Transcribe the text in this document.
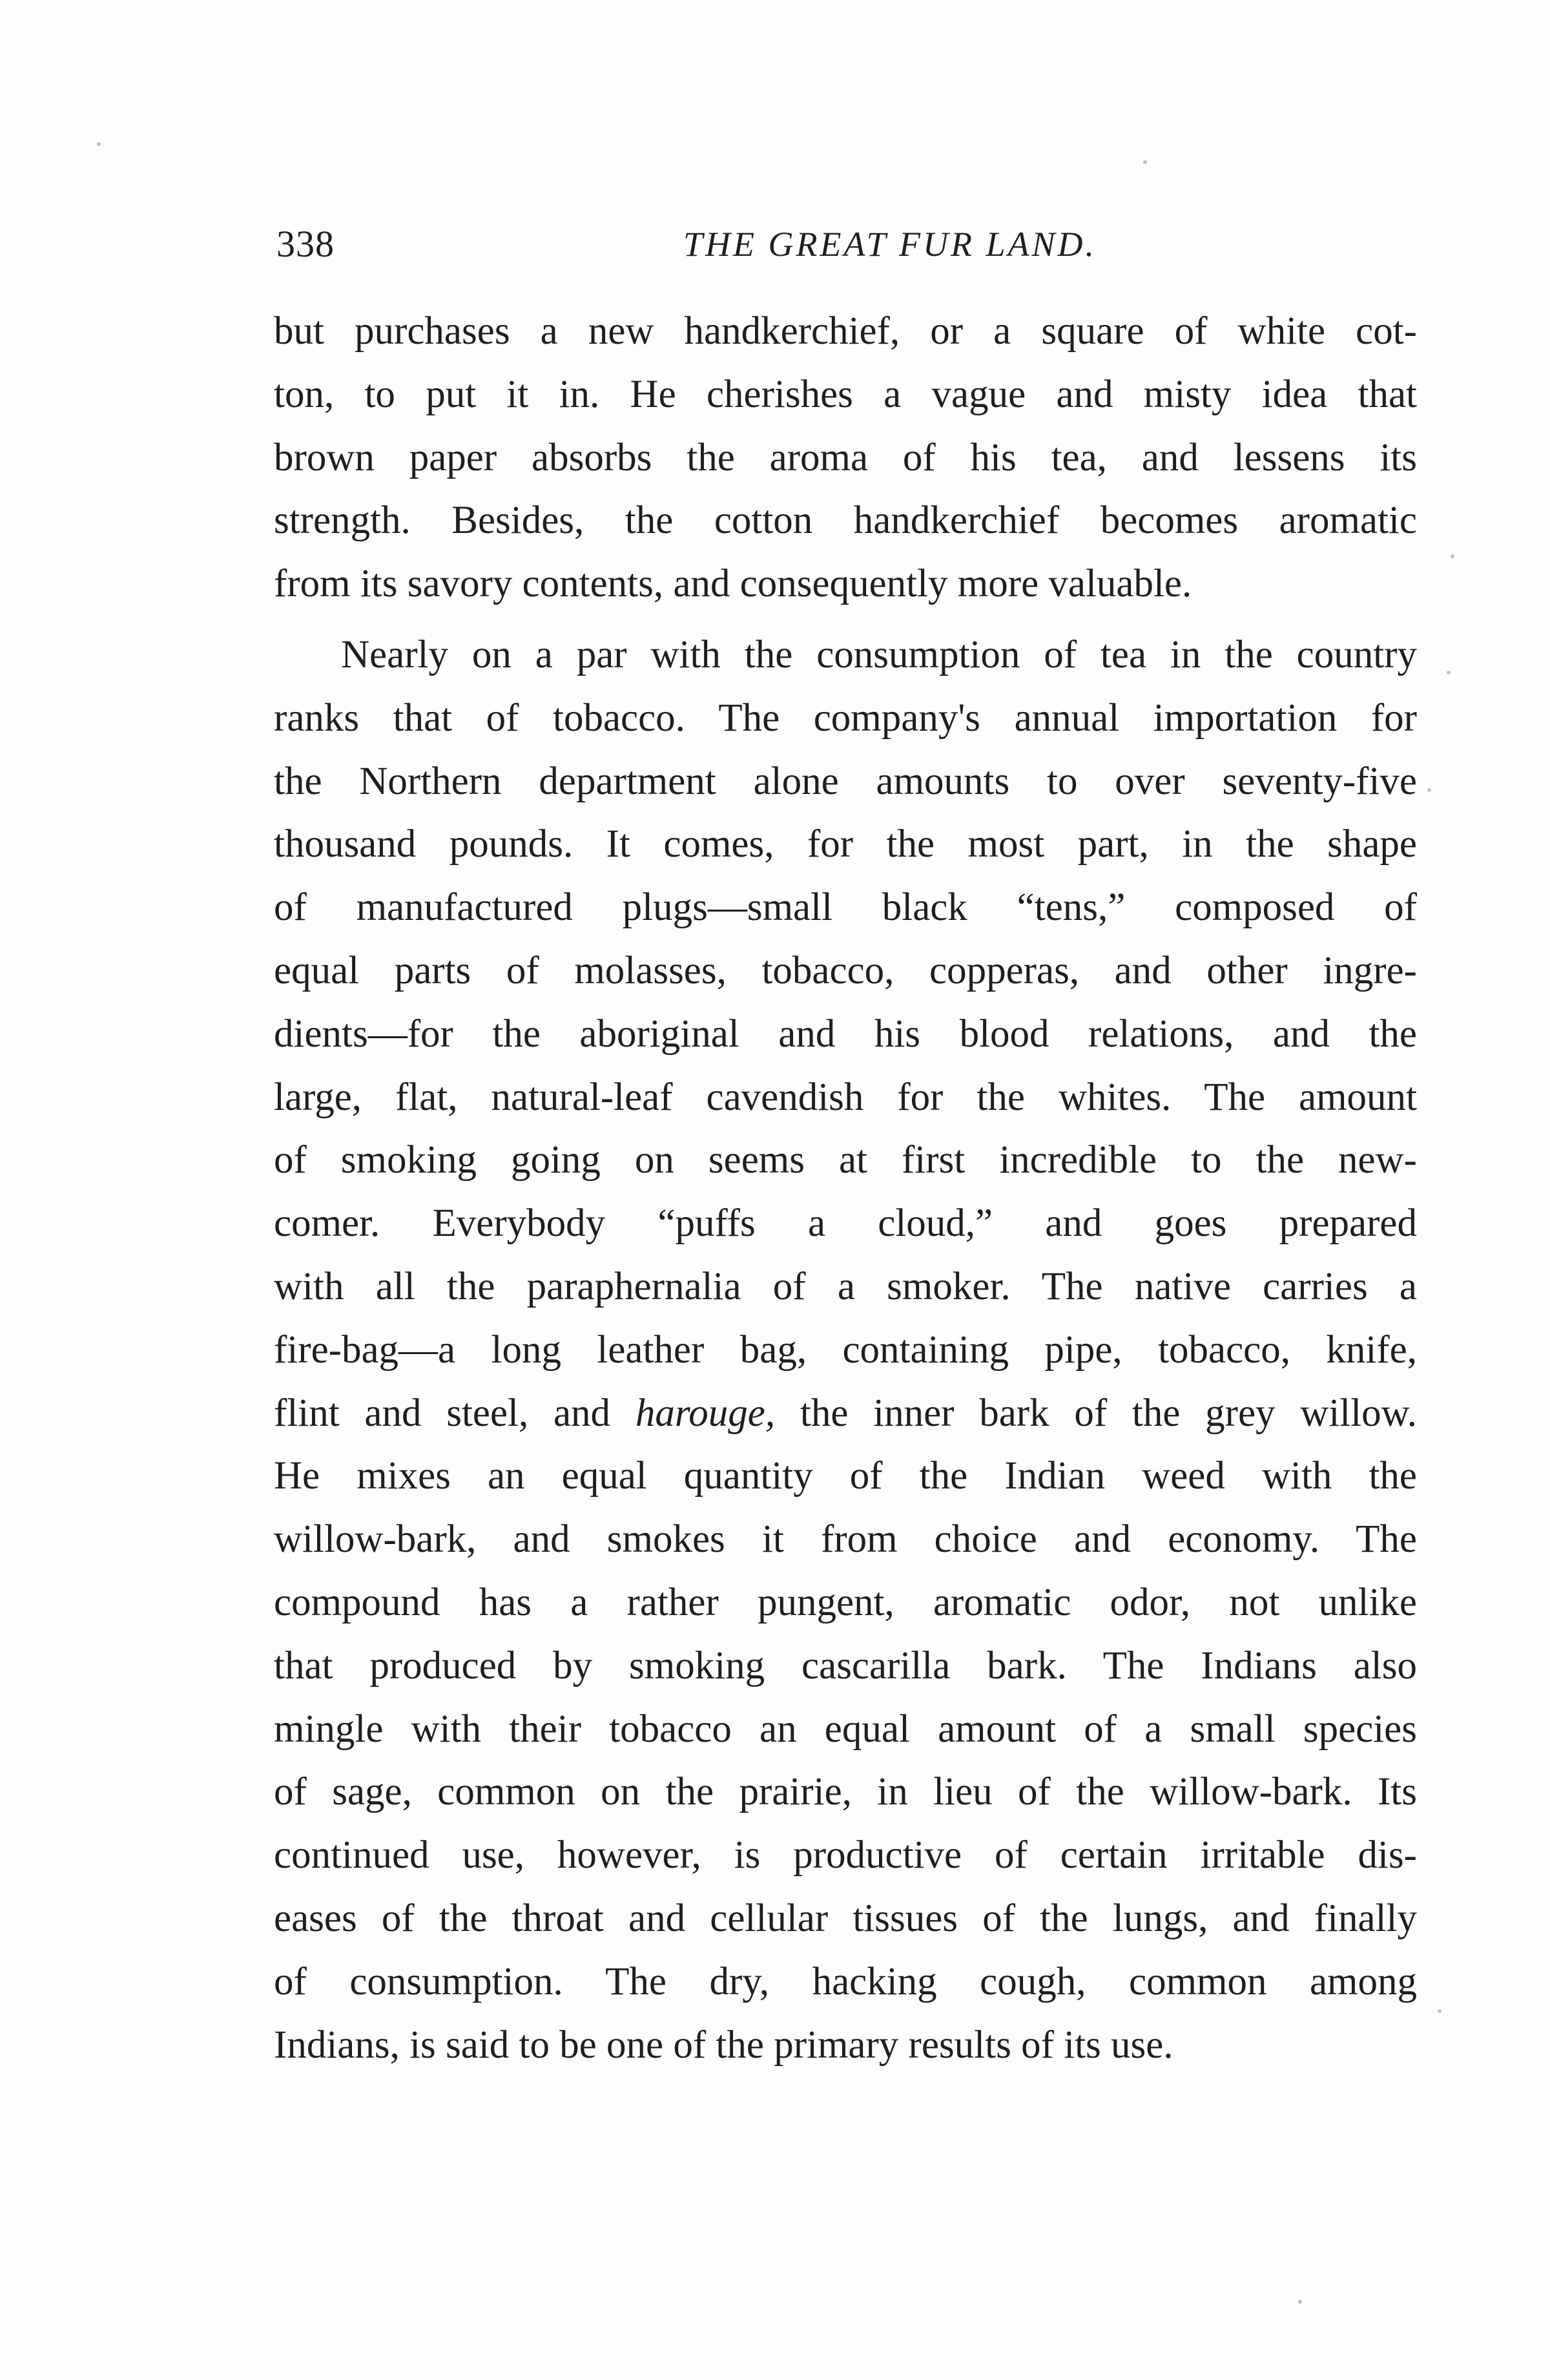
338	THE GREAT FUR LAND.
but purchases a new handkerchief, or a square of white cot-
ton, to put it in. He cherishes a vague and misty idea that
brown paper absorbs the aroma of his tea, and lessens its
strength. Besides, the cotton handkerchief becomes aromatic
from its savory contents, and consequently more valuable.
Nearly on a par with the consumption of tea in the country
ranks that of tobacco. The company's annual importation for
the Northern department alone amounts to over seventy-five
thousand pounds. It comes, for the most part, in the shape
of manufactured plugs—small black “tens,” composed of
equal parts of molasses, tobacco, copperas, and other ingre-
dients—for the aboriginal and his blood relations, and the
large, flat, natural-leaf cavendish for the whites. The amount
of smoking going on seems at first incredible to the new-
comer. Everybody “puffs a cloud,” and goes prepared
with all the paraphernalia of a smoker. The native carries a
fire-bag—a long leather bag, containing pipe, tobacco, knife,
flint and steel, and harouge, the inner bark of the grey willow.
He mixes an equal quantity of the Indian weed with the
willow-bark, and smokes it from choice and economy. The
compound has a rather pungent, aromatic odor, not unlike
that produced by smoking cascarilla bark. The Indians also
mingle with their tobacco an equal amount of a small species
of sage, common on the prairie, in lieu of the willow-bark. Its
continued use, however, is productive of certain irritable dis-
eases of the throat and cellular tissues of the lungs, and finally
of consumption. The dry, hacking cough, common among
Indians, is said to be one of the primary results of its use.
